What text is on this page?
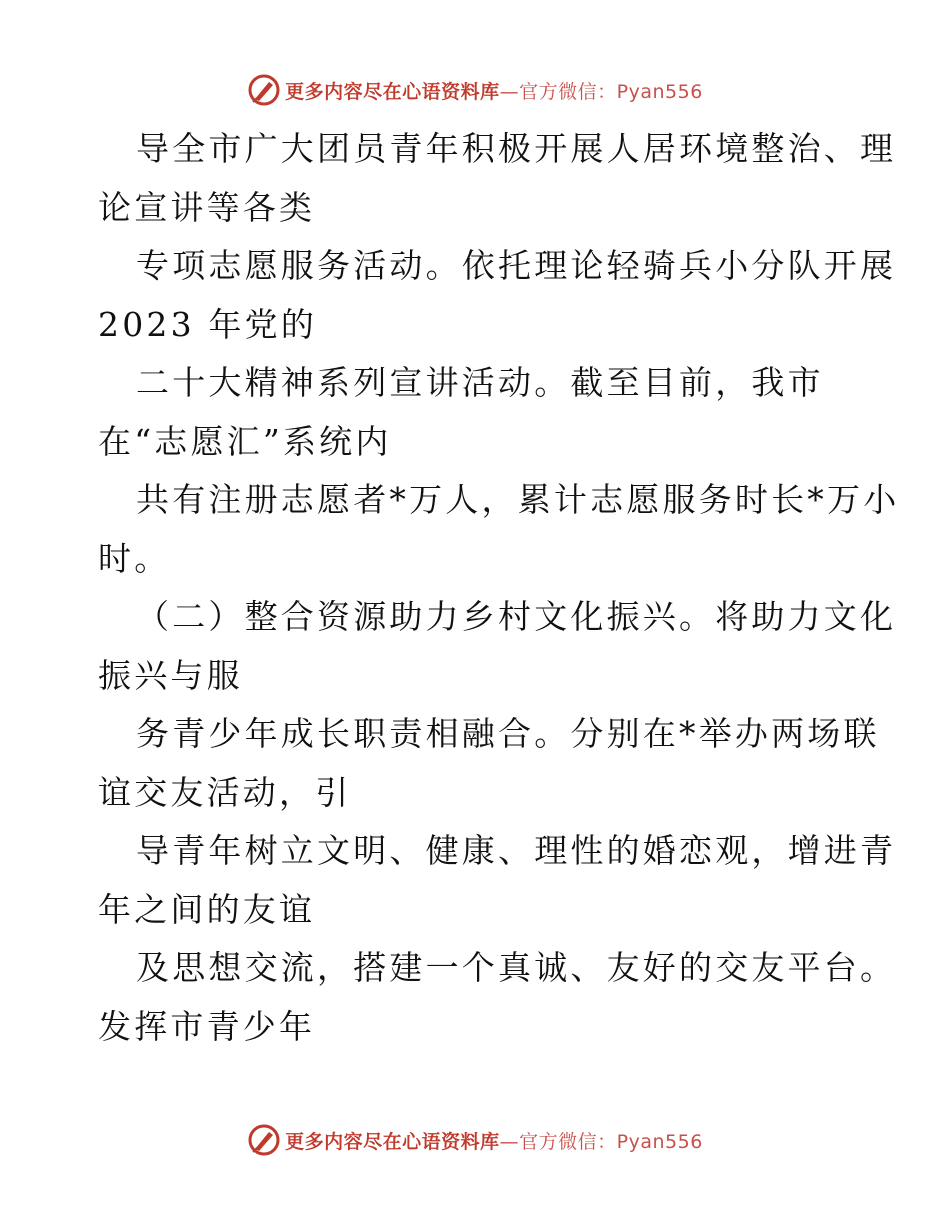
更多内容尽在心语资料库—官方微信：Pyan556
导全市广大团员青年积极开展人居环境整治、理
论宣讲等各类
专项志愿服务活动。依托理论轻骑兵小分队开展
2023 年党的
二十大精神系列宣讲活动。截至目前，我市
在“志愿汇”系统内
共有注册志愿者*万人，累计志愿服务时长*万小
时。
（二）整合资源助力乡村文化振兴。将助力文化
振兴与服
务青少年成长职责相融合。分别在*举办两场联
谊交友活动，引
导青年树立文明、健康、理性的婚恋观，增进青
年之间的友谊
及思想交流，搭建一个真诚、友好的交友平台。
发挥市青少年
更多内容尽在心语资料库—官方微信：Pyan556
